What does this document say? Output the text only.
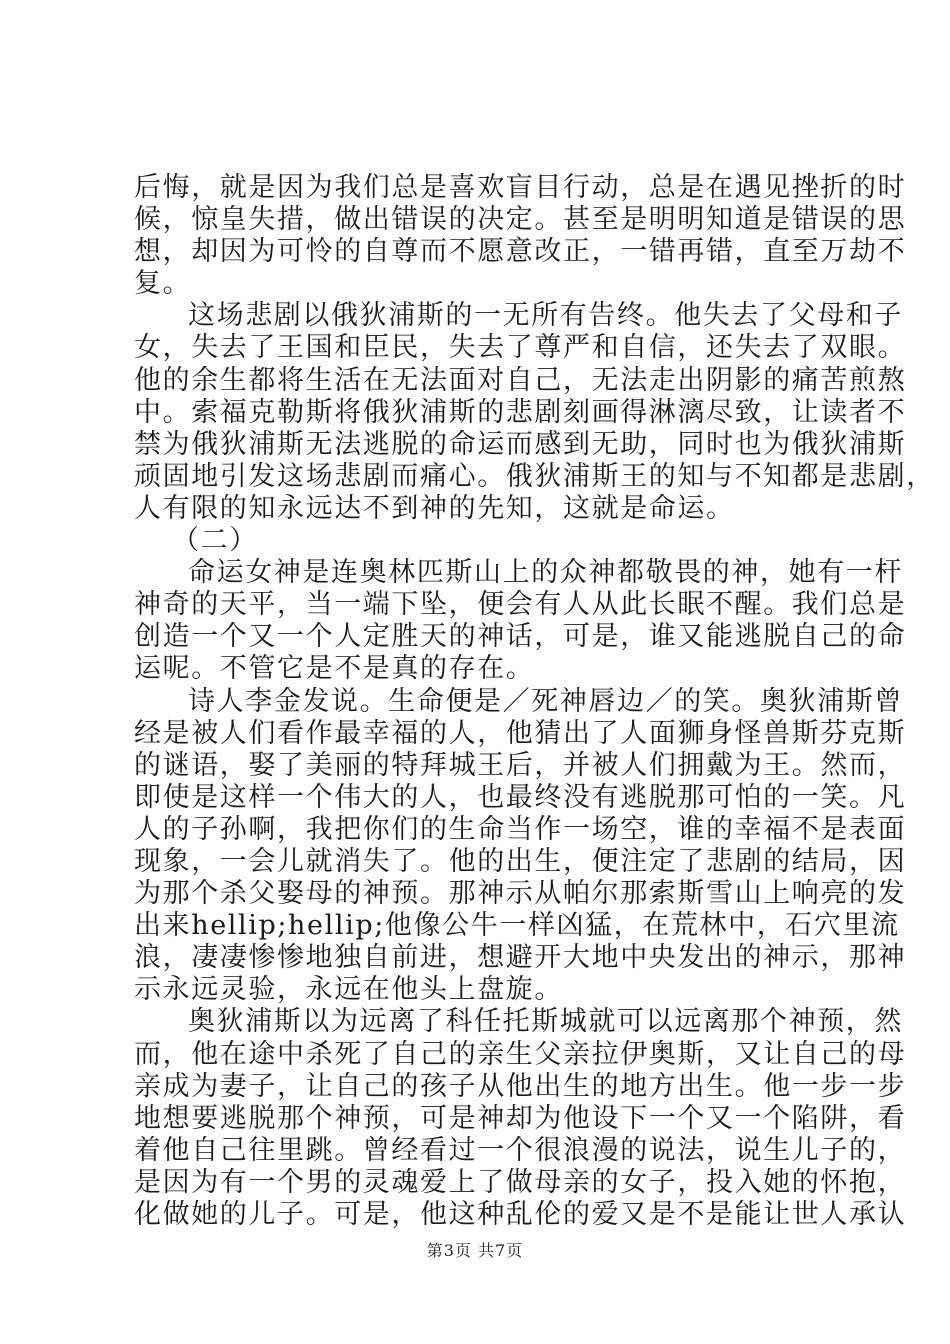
后悔，就是因为我们总是喜欢盲目行动，总是在遇见挫折的时
候，惊皇失措，做出错误的决定。甚至是明明知道是错误的思
想，却因为可怜的自尊而不愿意改正，一错再错，直至万劫不
复。
这场悲剧以俄狄浦斯的一无所有告终。他失去了父母和子
女，失去了王国和臣民，失去了尊严和自信，还失去了双眼。
他的余生都将生活在无法面对自己，无法走出阴影的痛苦煎熬
中。索福克勒斯将俄狄浦斯的悲剧刻画得淋漓尽致，让读者不
禁为俄狄浦斯无法逃脱的命运而感到无助，同时也为俄狄浦斯
顽固地引发这场悲剧而痛心。俄狄浦斯王的知与不知都是悲剧，
人有限的知永远达不到神的先知，这就是命运。
（二）
命运女神是连奥林匹斯山上的众神都敬畏的神，她有一杆
神奇的天平，当一端下坠，便会有人从此长眠不醒。我们总是
创造一个又一个人定胜天的神话，可是，谁又能逃脱自己的命
运呢。不管它是不是真的存在。
诗人李金发说。生命便是／死神唇边／的笑。奥狄浦斯曾
经是被人们看作最幸福的人，他猜出了人面狮身怪兽斯芬克斯
的谜语，娶了美丽的特拜城王后，并被人们拥戴为王。然而，
即使是这样一个伟大的人，也最终没有逃脱那可怕的一笑。凡
人的子孙啊，我把你们的生命当作一场空，谁的幸福不是表面
现象，一会儿就消失了。他的出生，便注定了悲剧的结局，因
为那个杀父娶母的神预。那神示从帕尔那索斯雪山上响亮的发
出来hellip;hellip;他像公牛一样凶猛，在荒林中，石穴里流
浪，凄凄惨惨地独自前进，想避开大地中央发出的神示，那神
示永远灵验，永远在他头上盘旋。
奥狄浦斯以为远离了科任托斯城就可以远离那个神预，然
而，他在途中杀死了自己的亲生父亲拉伊奥斯，又让自己的母
亲成为妻子，让自己的孩子从他出生的地方出生。他一步一步
地想要逃脱那个神预，可是神却为他设下一个又一个陷阱，看
着他自己往里跳。曾经看过一个很浪漫的说法，说生儿子的，
是因为有一个男的灵魂爱上了做母亲的女子，投入她的怀抱，
化做她的儿子。可是，他这种乱伦的爱又是不是能让世人承认
第3页 共7页
